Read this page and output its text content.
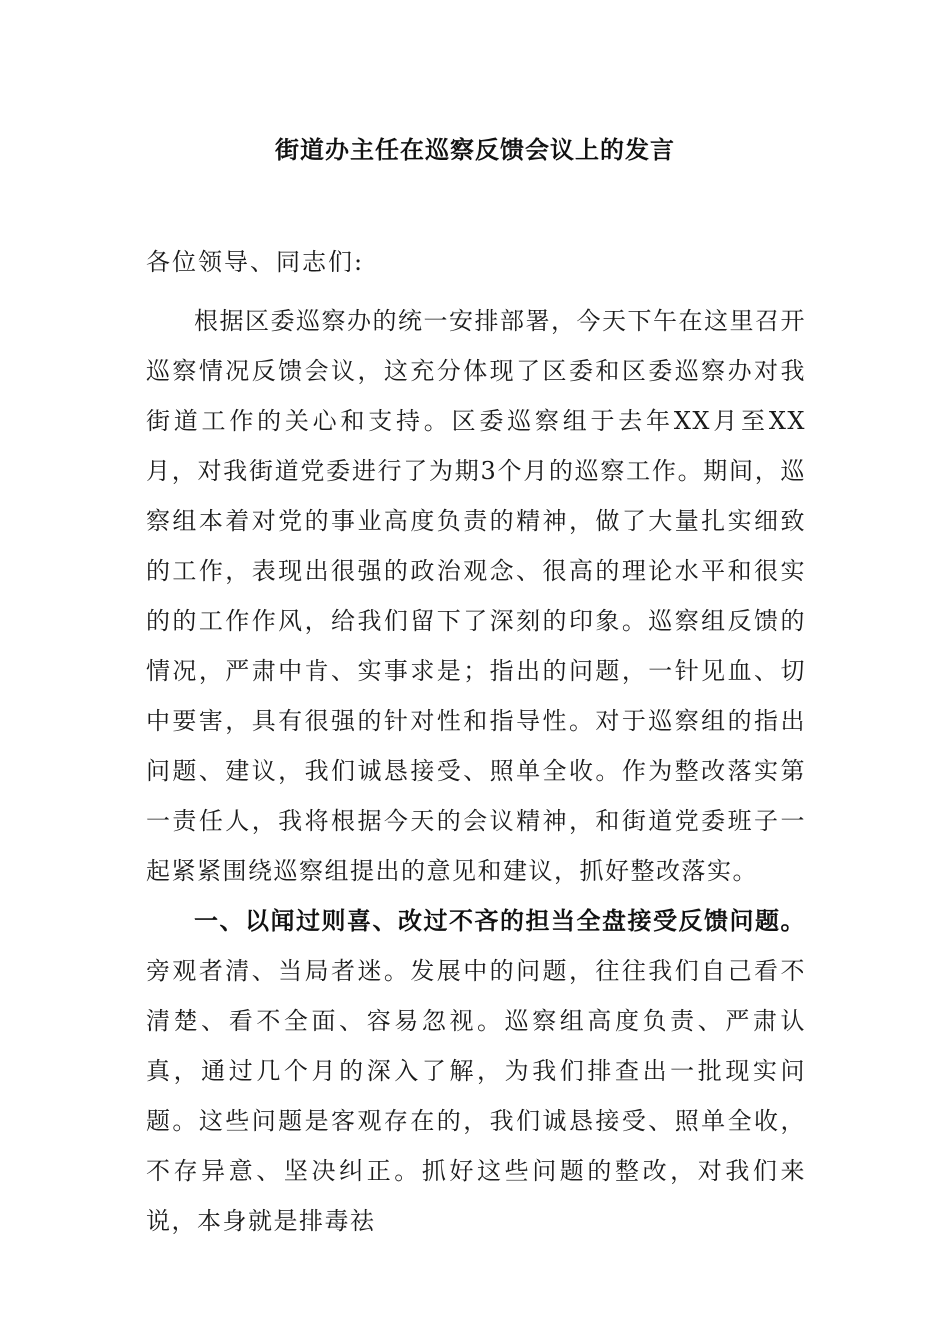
街道办主任在巡察反馈会议上的发言
各位领导、同志们:
根据区委巡察办的统一安排部署，今天下午在这里召开巡察情况反馈会议，这充分体现了区委和区委巡察办对我街道工作的关心和支持。区委巡察组于去年XX月至XX月，对我街道党委进行了为期3个月的巡察工作。期间，巡察组本着对党的事业高度负责的精神，做了大量扎实细致的工作，表现出很强的政治观念、很高的理论水平和很实的的工作作风，给我们留下了深刻的印象。巡察组反馈的情况，严肃中肯、实事求是；指出的问题，一针见血、切中要害，具有很强的针对性和指导性。对于巡察组的指出问题、建议，我们诚恳接受、照单全收。作为整改落实第一责任人，我将根据今天的会议精神，和街道党委班子一起紧紧围绕巡察组提出的意见和建议，抓好整改落实。
一、以闻过则喜、改过不吝的担当全盘接受反馈问题。旁观者清、当局者迷。发展中的问题，往往我们自己看不清楚、看不全面、容易忽视。巡察组高度负责、严肃认真，通过几个月的深入了解，为我们排查出一批现实问题。这些问题是客观存在的，我们诚恳接受、照单全收，不存异意、坚决纠正。抓好这些问题的整改，对我们来说，本身就是排毒祛
